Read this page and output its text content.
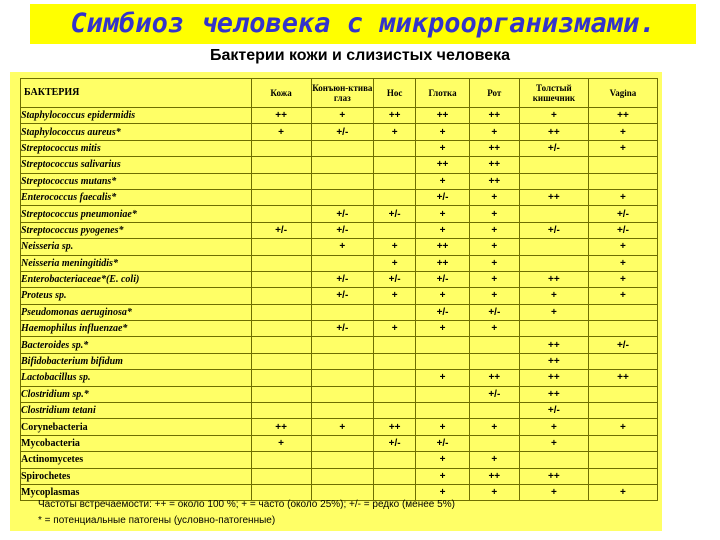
Симбиоз человека с микроорганизмами.
Бактерии кожи и слизистых человека
БАКТЕРИЯ	Кожа	Конъюн-ктива глаз	Нос	Глотка	Рот	Толстый кишечник	Vagina
Staphylococcus epidermidis	++	+	++	++	++	+	++
Staphylococcus aureus*	+	+/-	+	+	+	++	+
Streptococcus mitis				+	++	+/-	+
Streptococcus salivarius				++	++		
Streptococcus mutans*				+	++		
Enterococcus faecalis*				+/-	+	++	+
Streptococcus pneumoniae*		+/-	+/-	+	+		+/-
Streptococcus pyogenes*	+/-	+/-		+	+	+/-	+/-
Neisseria sp.		+	+	++	+		+
Neisseria meningitidis*			+	++	+		+
Enterobacteriaceae*(E. coli)		+/-	+/-	+/-	+	++	+
Proteus sp.		+/-	+	+	+	+	+
Pseudomonas aeruginosa*				+/-	+/-	+	
Haemophilus influenzae*		+/-	+	+	+		
Bacteroides sp.*						++	+/-
Bifidobacterium bifidum						++	
Lactobacillus sp.				+	++	++	++
Clostridium sp.*					+/-	++	
Clostridium tetani						+/-	
Corynebacteria	++	+	++	+	+	+	+
Mycobacteria	+		+/-	+/-		+	
Actinomycetes				+	+		
Spirochetes				+	++	++	
Mycoplasmas				+	+	+	+
Частоты встречаемости: ++ = около 100 %; + = часто (около 25%); +/- = редко (менее 5%)
* = потенциальные патогены (условно-патогенные)
